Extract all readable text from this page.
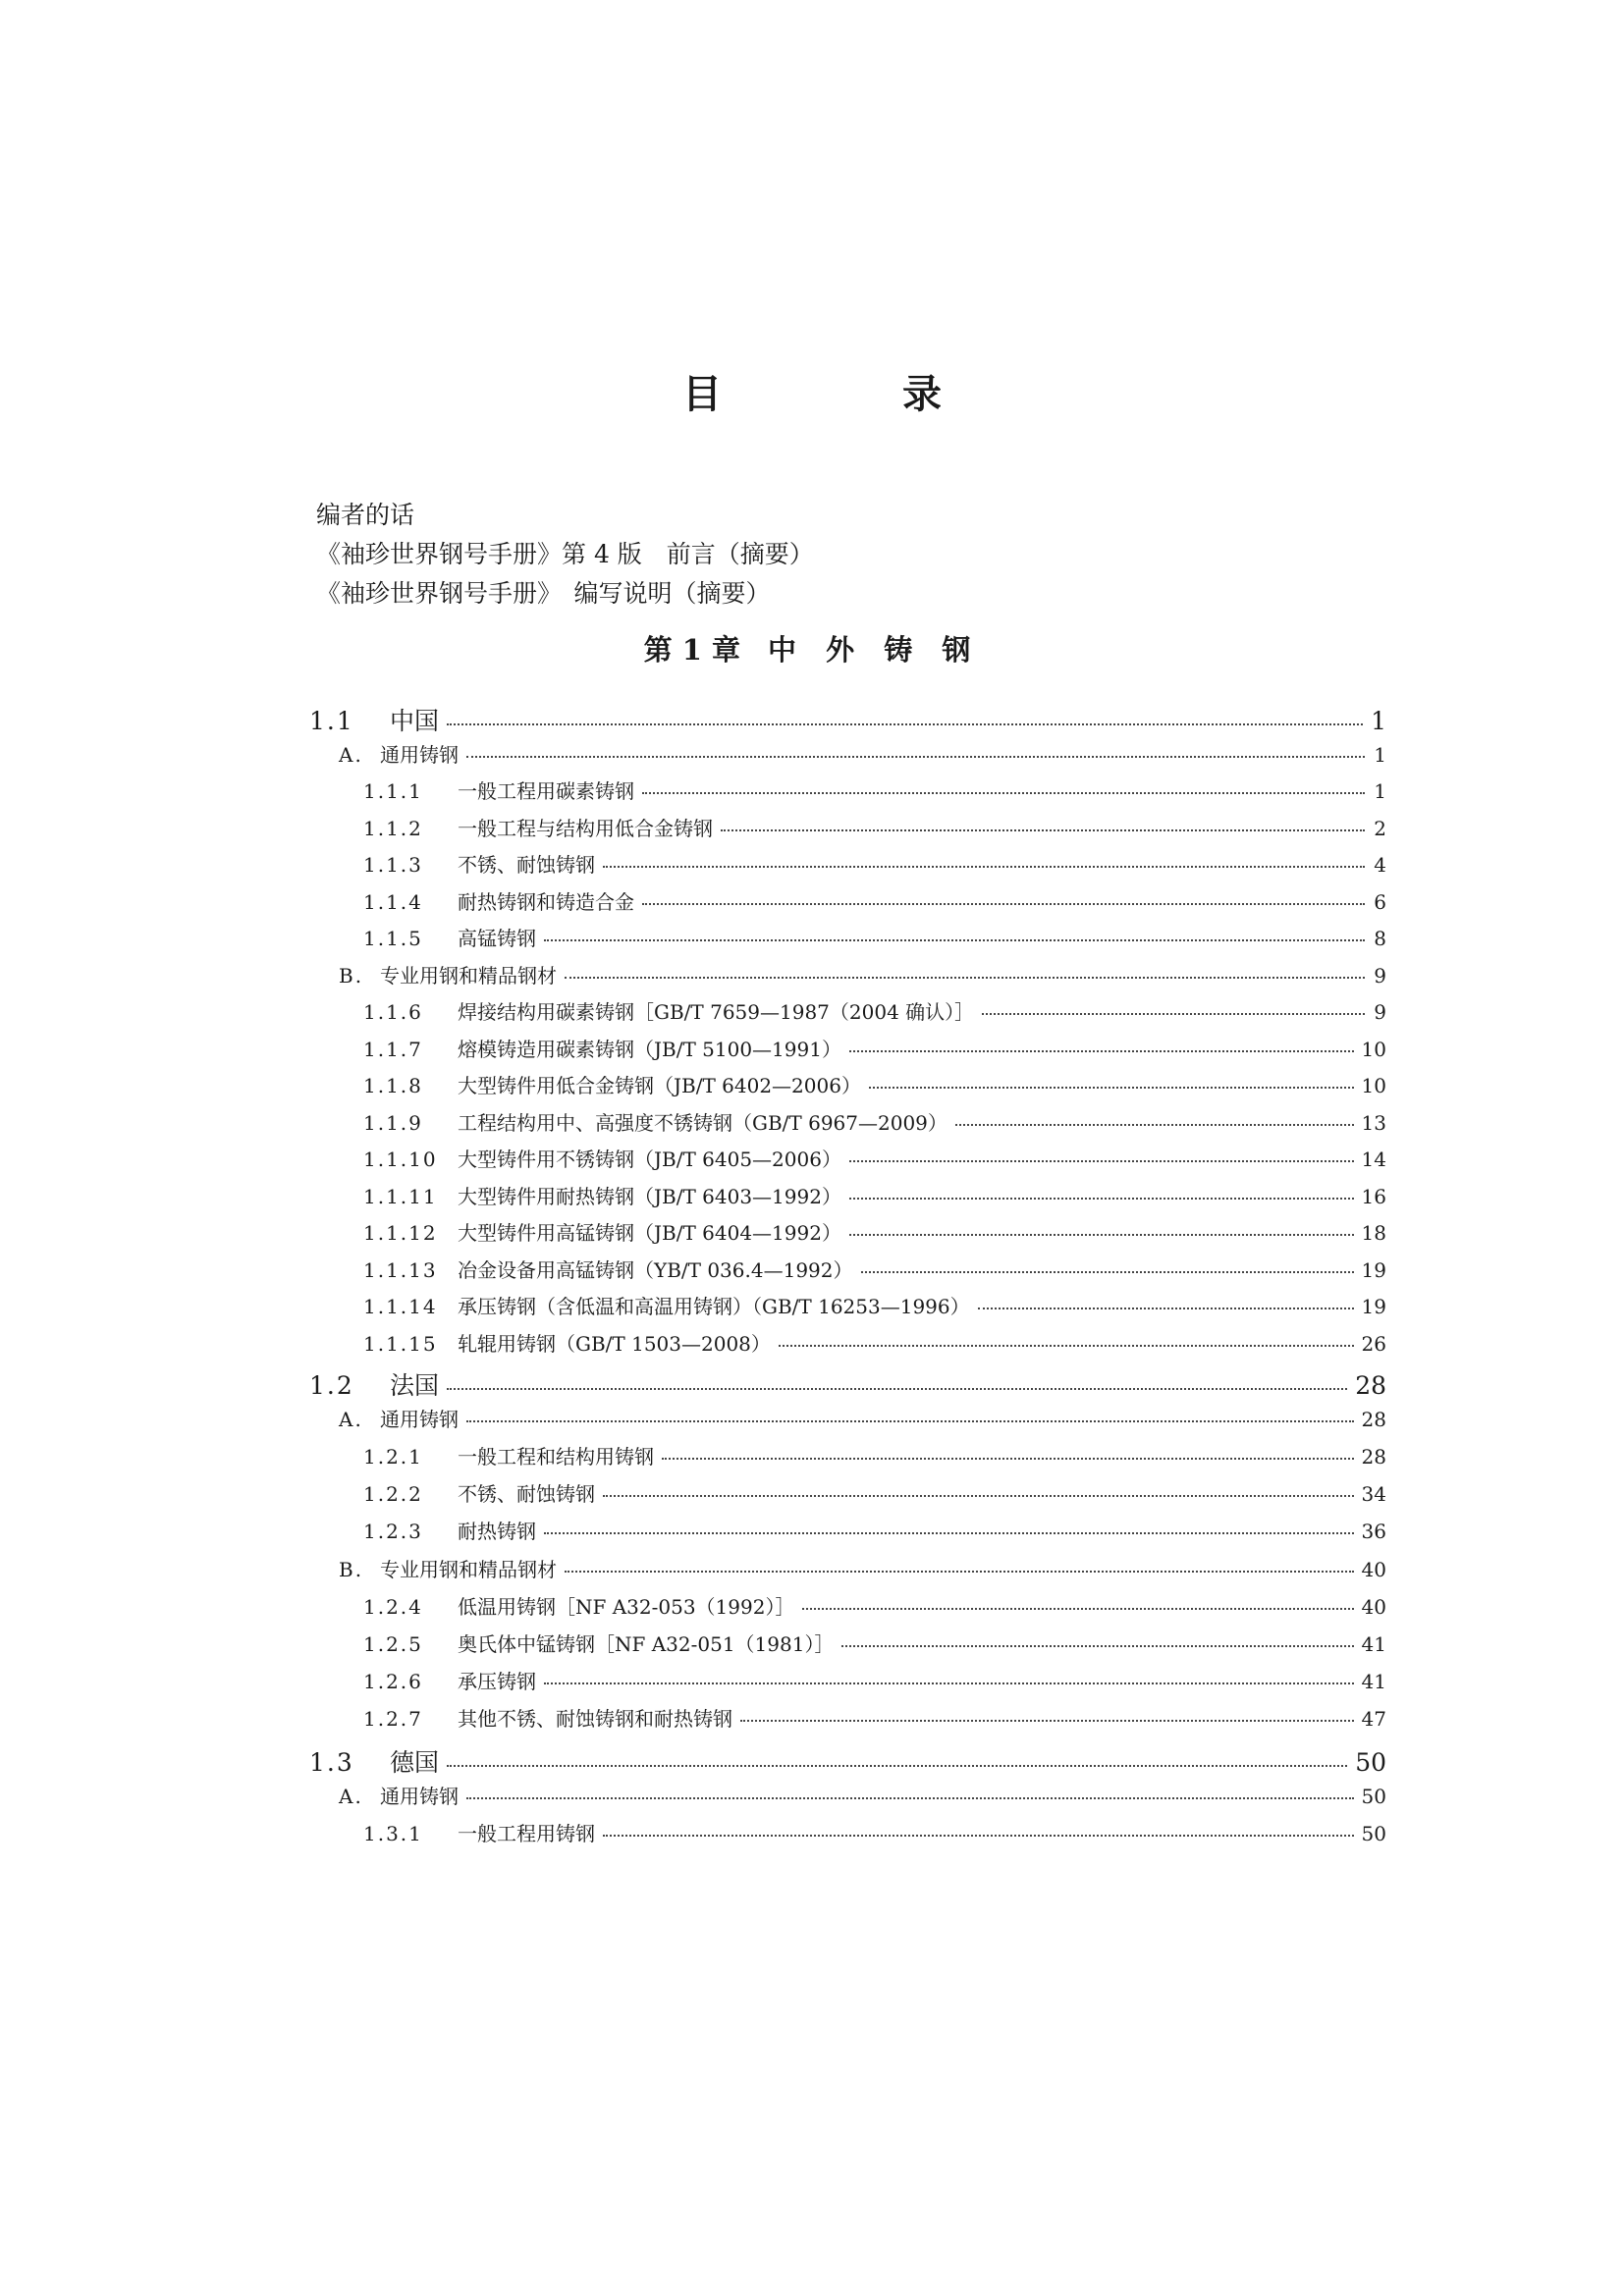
目　录
编者的话
《袖珍世界钢号手册》第 4 版　前言（摘要）
《袖珍世界钢号手册》　编写说明（摘要）
第 1 章 中 外 铸 钢
1.1 中国	1
A. 通用铸钢	1
1.1.1 一般工程用碳素铸钢	1
1.1.2 一般工程与结构用低合金铸钢	2
1.1.3 不锈、耐蚀铸钢	4
1.1.4 耐热铸钢和铸造合金	6
1.1.5 高锰铸钢	8
B. 专业用钢和精品钢材	9
1.1.6 焊接结构用碳素铸钢［GB/T 7659—1987（2004 确认）］	9
1.1.7 熔模铸造用碳素铸钢（JB/T 5100—1991）	10
1.1.8 大型铸件用低合金铸钢（JB/T 6402—2006）	10
1.1.9 工程结构用中、高强度不锈铸钢（GB/T 6967—2009）	13
1.1.10 大型铸件用不锈铸钢（JB/T 6405—2006）	14
1.1.11 大型铸件用耐热铸钢（JB/T 6403—1992）	16
1.1.12 大型铸件用高锰铸钢（JB/T 6404—1992）	18
1.1.13 冶金设备用高锰铸钢（YB/T 036.4—1992）	19
1.1.14 承压铸钢（含低温和高温用铸钢）（GB/T 16253—1996）	19
1.1.15 轧辊用铸钢（GB/T 1503—2008）	26
1.2 法国	28
A. 通用铸钢	28
1.2.1 一般工程和结构用铸钢	28
1.2.2 不锈、耐蚀铸钢	34
1.2.3 耐热铸钢	36
B. 专业用钢和精品钢材	40
1.2.4 低温用铸钢［NF A32-053（1992）］	40
1.2.5 奥氏体中锰铸钢［NF A32-051（1981）］	41
1.2.6 承压铸钢	41
1.2.7 其他不锈、耐蚀铸钢和耐热铸钢	47
1.3 德国	50
A. 通用铸钢	50
1.3.1 一般工程用铸钢	50
